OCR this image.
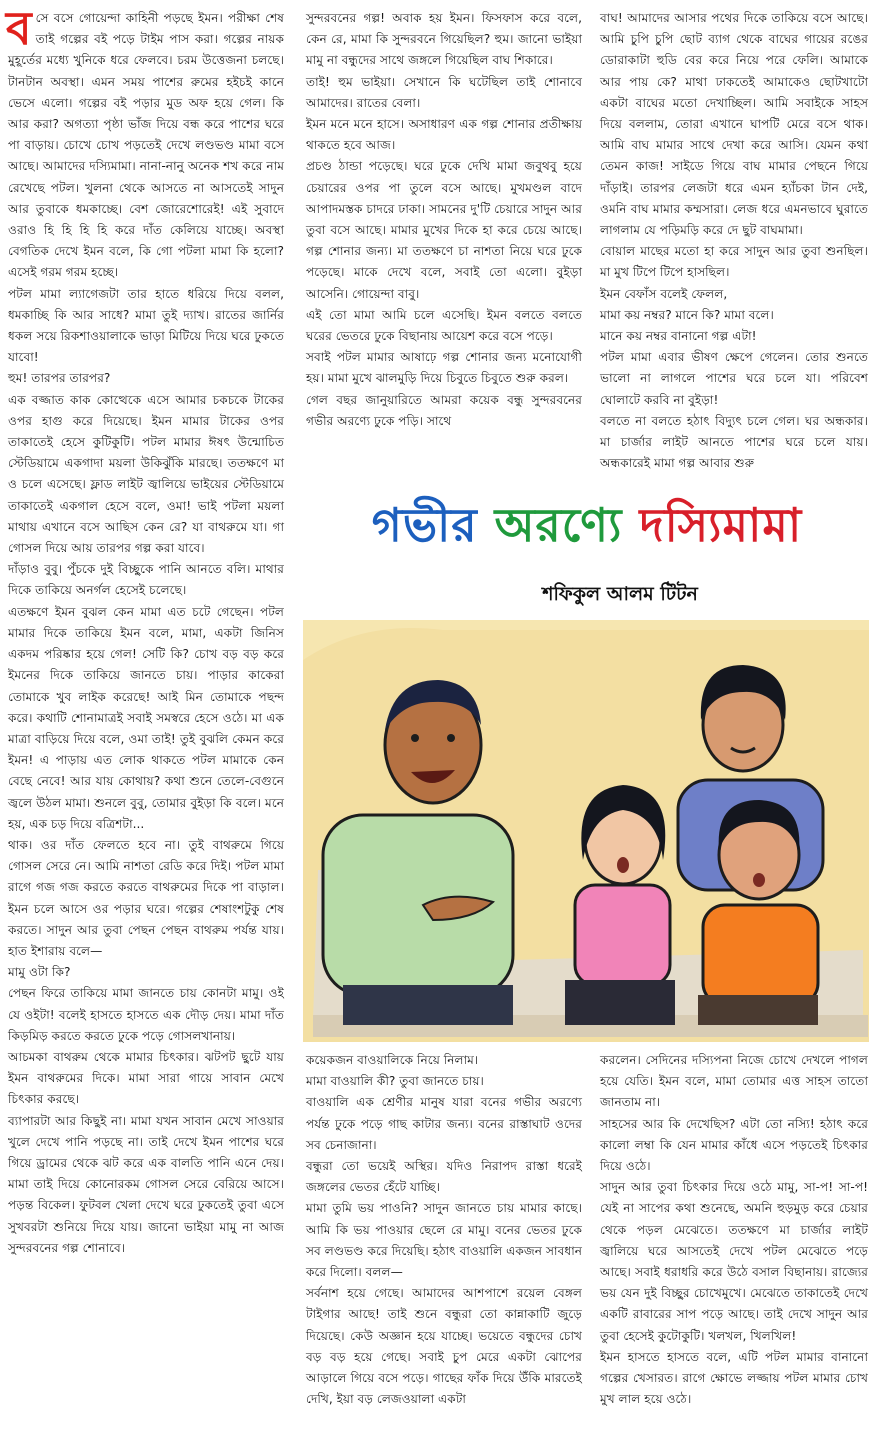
ব সে বসে গোয়েন্দা কাহিনী পড়ছে ইমন। পরীক্ষা শেষ তাই গল্পের বই পড়ে টাইম পাস করা। গল্পের নায়ক মুহূর্তের মধ্যে খুনিকে ধরে ফেলবে। চরম উত্তেজনা চলছে। টানটান অবস্থা। এমন সময় পাশের রুমের হইচই কানে ভেসে এলো। গল্পের বই পড়ার মুড অফ হয়ে গেল। কি আর করা? অগত্যা পৃষ্ঠা ভাঁজ দিয়ে বন্ধ করে পাশের ঘরে পা বাড়ায়। চোখে চোখ পড়তেই দেখে লণ্ডভণ্ড মামা বসে আছে। আমাদের দস্যিমামা। নানা-নানু অনেক শখ করে নাম রেখেছে পটল। খুলনা থেকে আসতে না আসতেই সাদুন আর তুবাকে ধমকাচ্ছে। বেশ জোরেশোরেই! এই সুবাদে ওরাও হি হি হি হি করে দাঁত কেলিয়ে যাচ্ছে। অবস্থা বেগতিক দেখে ইমন বলে, কি গো পটলা মামা কি হলো? এসেই গরম গরম হচ্ছে।

পটল মামা ল্যাগেজটা তার হাতে ধরিয়ে দিয়ে বলল, ধমকাচ্ছি কি আর সাধে? মামা তুই দ্যাখ। রাতের জার্নির ধকল সয়ে রিকশাওয়ালাকে ভাড়া মিটিয়ে দিয়ে ঘরে ঢুকতে যাবো!

হুম! তারপর তারপর?

এক বজ্জাত কাক কোত্থেকে এসে আমার চকচকে টাকের ওপর হাগু করে দিয়েছে। ইমন মামার টাকের ওপর তাকাতেই হেসে কুটিকুটি। পটল মামার ঈষৎ উন্মোচিত স্টেডিয়ামে একগাদা ময়লা উকিঝুঁকি মারছে। ততক্ষণে মা ও চলে এসেছে। ফ্লাড লাইট জ্বালিয়ে ভাইয়ের স্টেডিয়ামে তাকাতেই একগাল হেসে বলে, ওমা! ভাই পটলা ময়লা মাথায় এখানে বসে আছিস কেন রে? যা বাথরুমে যা। গা গোসল দিয়ে আয় তারপর গল্প করা যাবে।

দাঁড়াও বুবু। পুঁচকে দুই বিচ্ছুকে পানি আনতে বলি। মাথার দিকে তাকিয়ে অনর্গল হেসেই চলেছে।

এতক্ষণে ইমন বুঝল কেন মামা এত চটে গেছেন। পটল মামার দিকে তাকিয়ে ইমন বলে, মামা, একটা জিনিস একদম পরিষ্কার হয়ে গেল! সেটি কি? চোখ বড় বড় করে ইমনের দিকে তাকিয়ে জানতে চায়। পাড়ার কাকেরা তোমাকে খুব লাইক করেছে! আই মিন তোমাকে পছন্দ করে। কথাটি শোনামাত্রই সবাই সমস্বরে হেসে ওঠে। মা এক মাত্রা বাড়িয়ে দিয়ে বলে, ওমা তাই! তুই বুঝলি কেমন করে ইমন! এ পাড়ায় এত লোক থাকতে পটল মামাকে কেন বেছে নেবে! আর যায় কোথায়? কথা শুনে তেলে-বেগুনে জ্বলে উঠল মামা। শুনলে বুবু, তোমার বুইড়া কি বলে। মনে হয়, এক চড় দিয়ে বত্রিশটা...

থাক। ওর দাঁত ফেলতে হবে না। তুই বাথরুমে গিয়ে গোসল সেরে নে। আমি নাশতা রেডি করে দিই। পটল মামা রাগে গজ গজ করতে করতে বাথরুমের দিকে পা বাড়াল। ইমন চলে আসে ওর পড়ার ঘরে। গল্পের শেষাংশটুকু শেষ করতে। সাদুন আর তুবা পেছন পেছন বাথরুম পর্যন্ত যায়। হাত ইশারায় বলে—

মামু ওটা কি?

পেছন ফিরে তাকিয়ে মামা জানতে চায় কোনটা মামু। ওই যে ওইটা! বলেই হাসতে হাসতে এক দৌড় দেয়। মামা দাঁত কিড়মিড় করতে করতে ঢুকে পড়ে গোসলখানায়।

আচমকা বাথরুম থেকে মামার চিৎকার। ঝটপট ছুটে যায় ইমন বাথরুমের দিকে। মামা সারা গায়ে সাবান মেখে চিৎকার করছে।

ব্যাপারটা আর কিছুই না। মামা যখন সাবান মেখে সাওয়ার খুলে দেখে পানি পড়ছে না। তাই দেখে ইমন পাশের ঘরে গিয়ে ড্রামের থেকে ঝট করে এক বালতি পানি এনে দেয়। মামা তাই দিয়ে কোনোরকম গোসল সেরে বেরিয়ে আসে। পড়ন্ত বিকেল। ফুটবল খেলা দেখে ঘরে ঢুকতেই তুবা এসে সুখবরটা শুনিয়ে দিয়ে যায়। জানো ভাইয়া মামু না আজ সুন্দরবনের গল্প শোনাবে।

সুন্দরবনের গল্প! অবাক হয় ইমন। ফিসফাস করে বলে, কেন রে, মামা কি সুন্দরবনে গিয়েছিল? হুম। জানো ভাইয়া মামু না বন্ধুদের সাথে জঙ্গলে গিয়েছিল বাঘ শিকারে।

তাই! হুম ভাইয়া। সেখানে কি ঘটেছিল তাই শোনাবে আমাদের। রাতের বেলা।

ইমন মনে মনে হাসে। অসাধারণ এক গল্প শোনার প্রতীক্ষায় থাকতে হবে আজ।

প্রচণ্ড ঠান্ডা পড়েছে। ঘরে ঢুকে দেখি মামা জবুথবু হয়ে চেয়ারের ওপর পা তুলে বসে আছে। মুখমণ্ডল বাদে আপাদমস্তক চাদরে ঢাকা। সামনের দু'টি চেয়ারে সাদুন আর তুবা বসে আছে। মামার মুখের দিকে হা করে চেয়ে আছে। গল্প শোনার জন্য। মা ততক্ষণে চা নাশতা নিয়ে ঘরে ঢুকে পড়েছে। মাকে দেখে বলে, সবাই তো এলো। বুইড়া আসেনি। গোয়েন্দা বাবু।

এই তো মামা আমি চলে এসেছি। ইমন বলতে বলতে ঘরের ভেতরে ঢুকে বিছানায় আয়েশ করে বসে পড়ে।

সবাই পটল মামার আষাঢ়ে গল্প শোনার জন্য মনোযোগী হয়। মামা মুখে ঝালমুড়ি দিয়ে চিবুতে চিবুতে শুরু করল।

গেল বছর জানুয়ারিতে আমরা কয়েক বন্ধু সুন্দরবনের গভীর অরণ্যে ঢুকে পড়ি। সাথে

বাঘ! আমাদের আসার পথের দিকে তাকিয়ে বসে আছে। আমি চুপি চুপি ছোট ব্যাগ থেকে বাঘের গায়ের রঙের ডোরাকাটা হুডি বের করে নিয়ে পরে ফেলি। আমাকে আর পায় কে? মাথা ঢাকতেই আমাকেও ছোটখাটো একটা বাঘের মতো দেখাচ্ছিল। আমি সবাইকে সাহস দিয়ে বললাম, তোরা এখানে ঘাপটি মেরে বসে থাক। আমি বাঘ মামার সাথে দেখা করে আসি। যেমন কথা তেমন কাজ! সাইডে গিয়ে বাঘ মামার পেছনে গিয়ে দাঁড়াই। তারপর লেজটা ধরে এমন হ্যাঁচকা টান দেই, ওমনি বাঘ মামার কম্মসারা। লেজ ধরে এমনভাবে ঘুরাতে লাগলাম যে পড়িমড়ি করে দে ছুট বাঘমামা।

বোয়াল মাছের মতো হা করে সাদুন আর তুবা শুনছিল। মা মুখ টিপে টিপে হাসছিল।

ইমন বেফাঁস বলেই ফেলল,

মামা কয় নম্বর? মানে কি? মামা বলে।

মানে কয় নম্বর বানানো গল্প এটা!

পটল মামা এবার ভীষণ ক্ষেপে গেলেন। তোর শুনতে ভালো না লাগলে পাশের ঘরে চলে যা। পরিবেশ ঘোলাটে করবি না বুইড়া!

বলতে না বলতে হঠাৎ বিদ্যুৎ চলে গেল। ঘর অন্ধকার। মা চার্জার লাইট আনতে পাশের ঘরে চলে যায়। অন্ধকারেই মামা গল্প আবার শুরু

গভীর অরণ্যে দস্যিমামা
শফিকুল আলম টিটন

কয়েকজন বাওয়ালিকে নিয়ে নিলাম।

মামা বাওয়ালি কী? তুবা জানতে চায়।

বাওয়ালি এক শ্রেণীর মানুষ যারা বনের গভীর অরণ্যে পর্যন্ত ঢুকে পড়ে গাছ কাটার জন্য। বনের রাস্তাঘাট ওদের সব চেনাজানা।

বন্ধুরা তো ভয়েই অস্থির। যদিও নিরাপদ রাস্তা ধরেই জঙ্গলের ভেতর হেঁটে যাচ্ছি।

মামা তুমি ভয় পাওনি? সাদুন জানতে চায় মামার কাছে। আমি কি ভয় পাওয়ার ছেলে রে মামু। বনের ভেতর ঢুকে সব লণ্ডভণ্ড করে দিয়েছি। হঠাৎ বাওয়ালি একজন সাবধান করে দিলো। বলল—

সর্বনাশ হয়ে গেছে। আমাদের আশপাশে রয়েল বেঙ্গল টাইগার আছে! তাই শুনে বন্ধুরা তো কান্নাকাটি জুড়ে দিয়েছে। কেউ অজ্ঞান হয়ে যাচ্ছে। ভয়েতে বন্ধুদের চোখ বড় বড় হয়ে গেছে। সবাই চুপ মেরে একটা ঝোপের আড়ালে গিয়ে বসে পড়ে। গাছের ফাঁক দিয়ে উঁকি মারতেই দেখি, ইয়া বড় লেজওয়ালা একটা

করলেন। সেদিনের দস্যিপনা নিজে চোখে দেখলে পাগল হয়ে যেতি। ইমন বলে, মামা তোমার এত্ত সাহস তাতো জানতাম না।

সাহসের আর কি দেখেছিস? এটা তো নস্যি! হঠাৎ করে কালো লম্বা কি যেন মামার কাঁধে এসে পড়তেই চিৎকার দিয়ে ওঠে।

সাদুন আর তুবা চিৎকার দিয়ে ওঠে মামু, সা-প! সা-প! যেই না সাপের কথা শুনেছে, অমনি হুড়মুড় করে চেয়ার থেকে পড়ল মেঝেতে। ততক্ষণে মা চার্জার লাইট জ্বালিয়ে ঘরে আসতেই দেখে পটল মেঝেতে পড়ে আছে। সবাই ধরাধরি করে উঠে বসাল বিছানায়। রাজ্যের ভয় যেন দুই বিচ্ছুর চোখেমুখে। মেঝেতে তাকাতেই দেখে একটি রাবারের সাপ পড়ে আছে। তাই দেখে সাদুন আর তুবা হেসেই কুটোকুটি। খলখল, খিলখিল!

ইমন হাসতে হাসতে বলে, এটি পটল মামার বানানো গল্পের খেসারত। রাগে ক্ষোভে লজ্জায় পটল মামার চোখ মুখ লাল হয়ে ওঠে।
